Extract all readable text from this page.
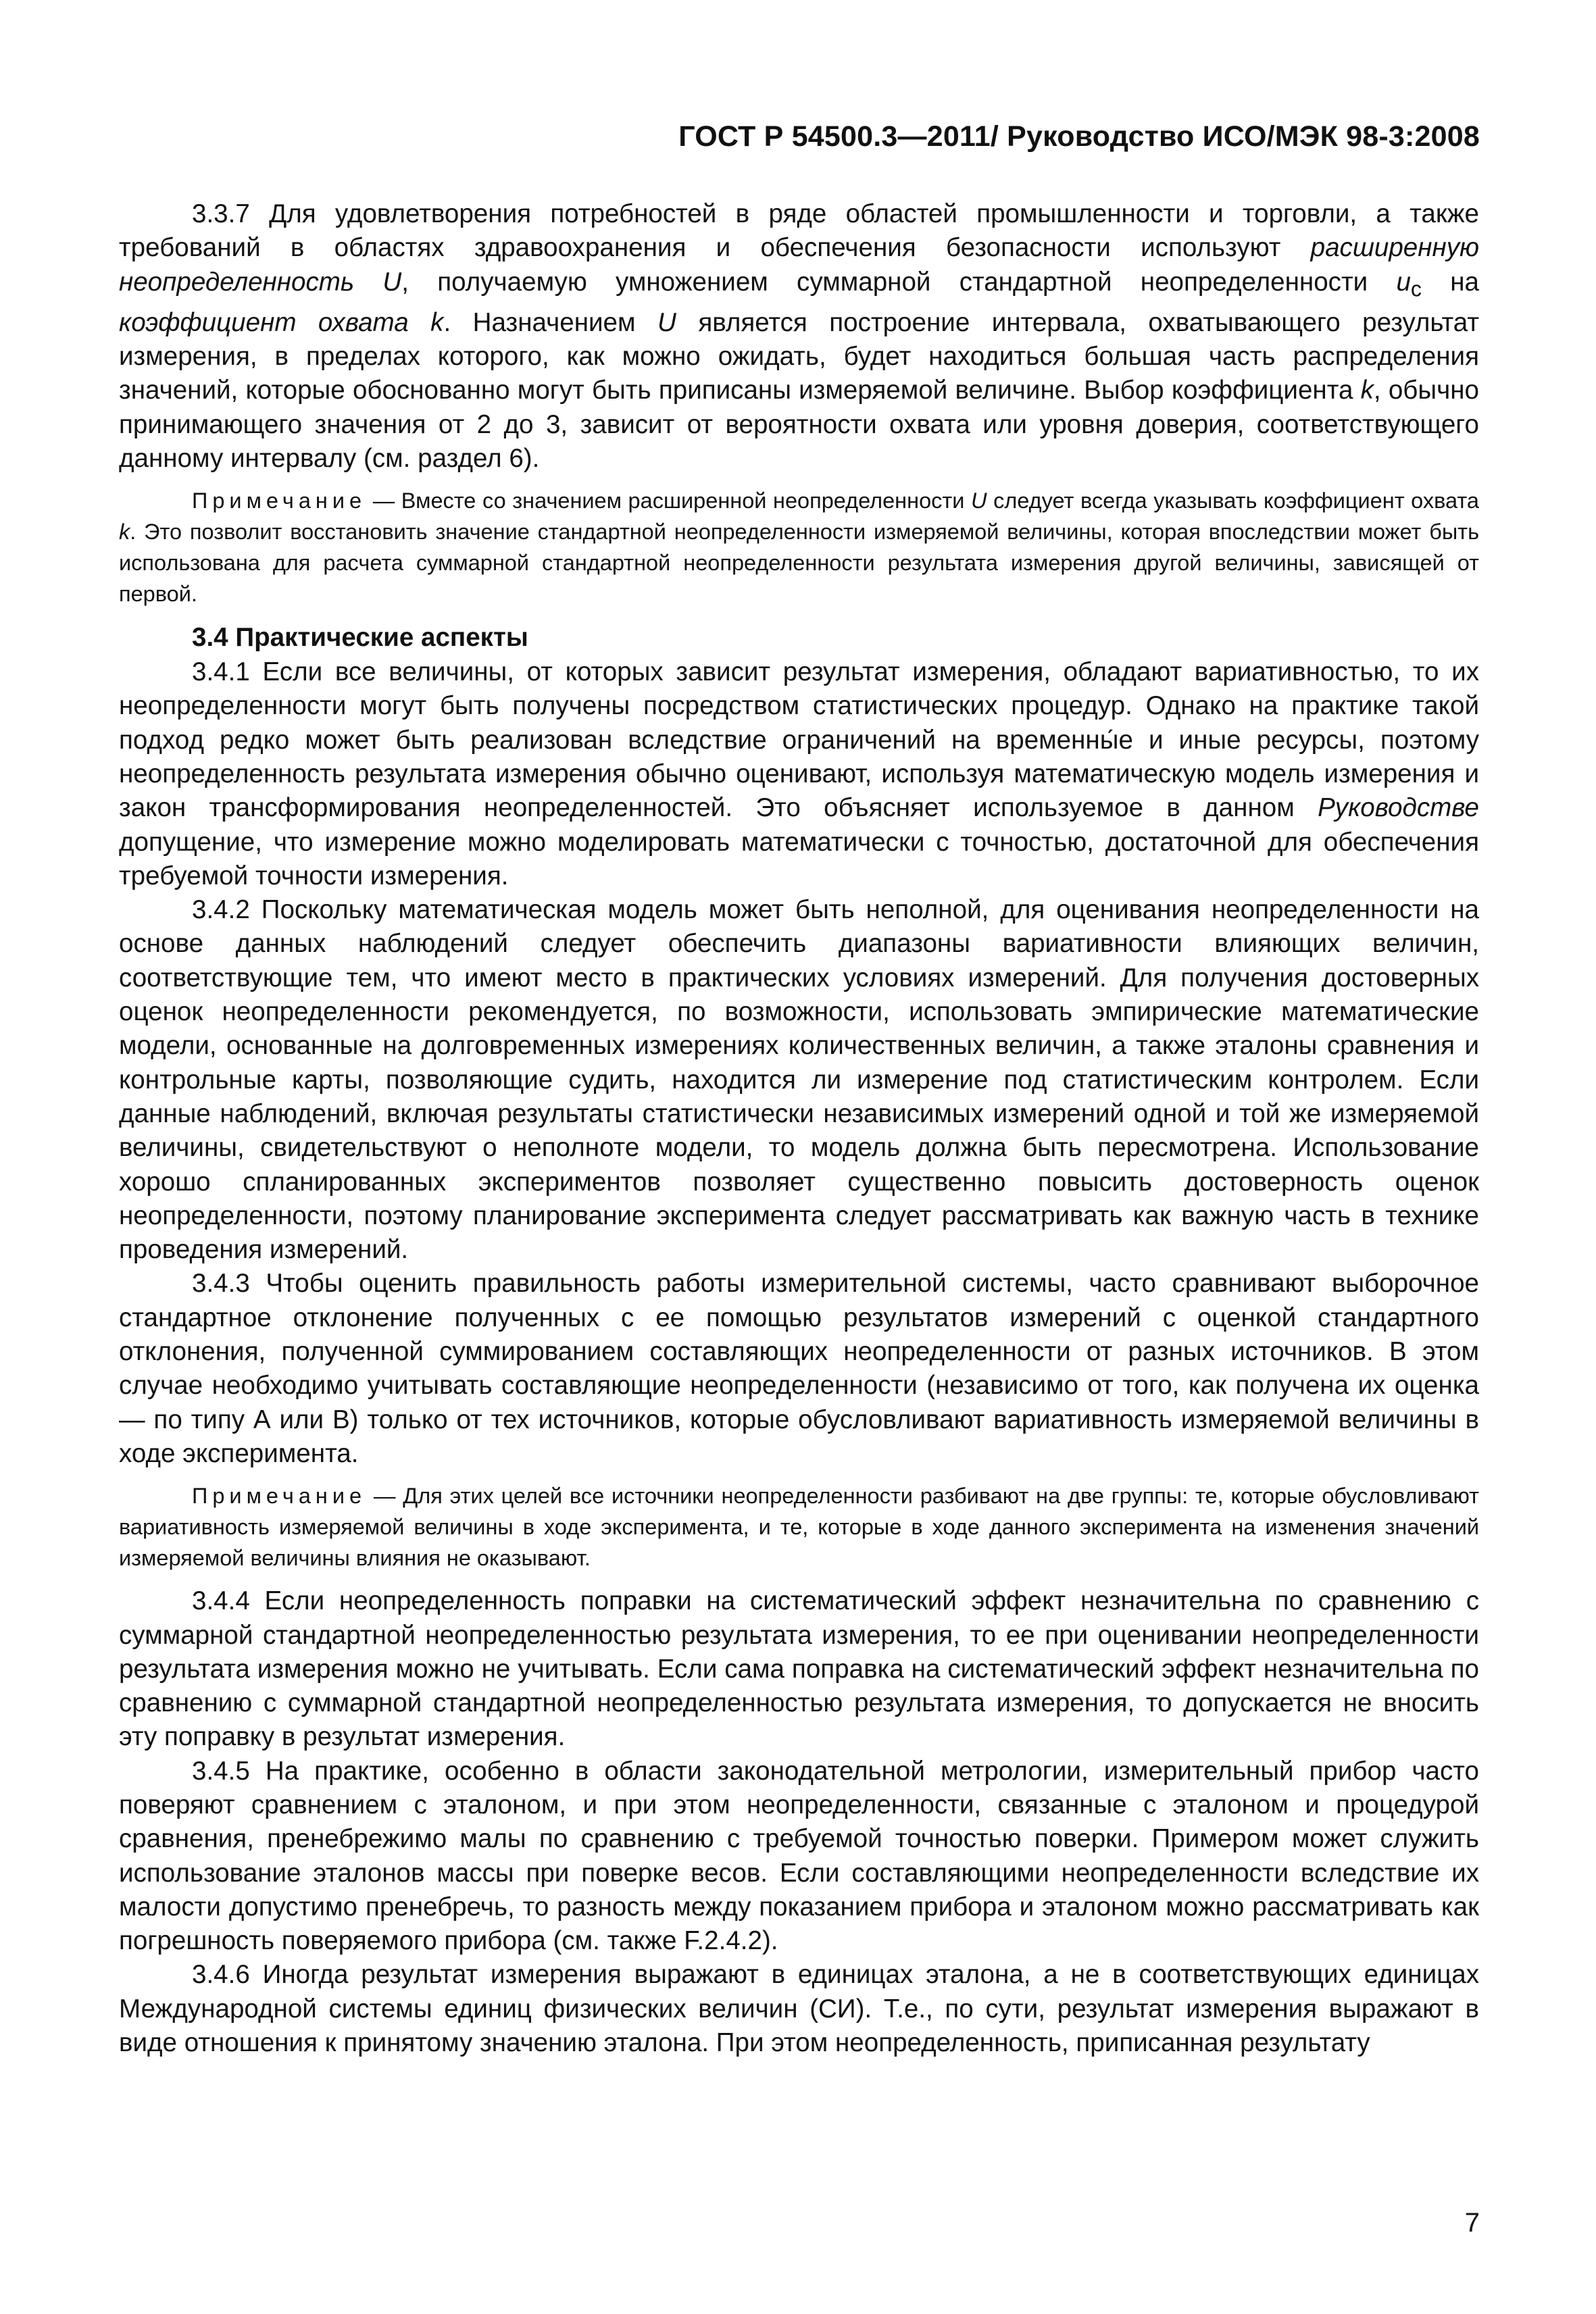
ГОСТ Р 54500.3—2011/ Руководство ИСО/МЭК 98-3:2008

3.3.7 Для удовлетворения потребностей в ряде областей промышленности и торговли, а также требований в областях здравоохранения и обеспечения безопасности используют расширенную неопределенность U, получаемую умножением суммарной стандартной неопределенности $u_c$ на коэффициент охвата k. Назначением U является построение интервала, охватывающего результат измерения, в пределах которого, как можно ожидать, будет находиться большая часть распределения значений, которые обоснованно могут быть приписаны измеряемой величине. Выбор коэффициента k, обычно принимающего значения от 2 до 3, зависит от вероятности охвата или уровня доверия, соответствующего данному интервалу (см. раздел 6).

Примечание — Вместе со значением расширенной неопределенности U следует всегда указывать коэффициент охвата k. Это позволит восстановить значение стандартной неопределенности измеряемой величины, которая впоследствии может быть использована для расчета суммарной стандартной неопределенности результата измерения другой величины, зависящей от первой.

3.4 Практические аспекты

3.4.1 Если все величины, от которых зависит результат измерения, обладают вариативностью, то их неопределенности могут быть получены посредством статистических процедур. Однако на практике такой подход редко может быть реализован вследствие ограничений на временны́е и иные ресурсы, поэтому неопределенность результата измерения обычно оценивают, используя математическую модель измерения и закон трансформирования неопределенностей. Это объясняет используемое в данном Руководстве допущение, что измерение можно моделировать математически с точностью, достаточной для обеспечения требуемой точности измерения.

3.4.2 Поскольку математическая модель может быть неполной, для оценивания неопределенности на основе данных наблюдений следует обеспечить диапазоны вариативности влияющих величин, соответствующие тем, что имеют место в практических условиях измерений. Для получения достоверных оценок неопределенности рекомендуется, по возможности, использовать эмпирические математические модели, основанные на долговременных измерениях количественных величин, а также эталоны сравнения и контрольные карты, позволяющие судить, находится ли измерение под статистическим контролем. Если данные наблюдений, включая результаты статистически независимых измерений одной и той же измеряемой величины, свидетельствуют о неполноте модели, то модель должна быть пересмотрена. Использование хорошо спланированных экспериментов позволяет существенно повысить достоверность оценок неопределенности, поэтому планирование эксперимента следует рассматривать как важную часть в технике проведения измерений.

3.4.3 Чтобы оценить правильность работы измерительной системы, часто сравнивают выборочное стандартное отклонение полученных с ее помощью результатов измерений с оценкой стандартного отклонения, полученной суммированием составляющих неопределенности от разных источников. В этом случае необходимо учитывать составляющие неопределенности (независимо от того, как получена их оценка — по типу А или В) только от тех источников, которые обусловливают вариативность измеряемой величины в ходе эксперимента.

Примечание — Для этих целей все источники неопределенности разбивают на две группы: те, которые обусловливают вариативность измеряемой величины в ходе эксперимента, и те, которые в ходе данного эксперимента на изменения значений измеряемой величины влияния не оказывают.

3.4.4 Если неопределенность поправки на систематический эффект незначительна по сравнению с суммарной стандартной неопределенностью результата измерения, то ее при оценивании неопределенности результата измерения можно не учитывать. Если сама поправка на систематический эффект незначительна по сравнению с суммарной стандартной неопределенностью результата измерения, то допускается не вносить эту поправку в результат измерения.

3.4.5 На практике, особенно в области законодательной метрологии, измерительный прибор часто поверяют сравнением с эталоном, и при этом неопределенности, связанные с эталоном и процедурой сравнения, пренебрежимо малы по сравнению с требуемой точностью поверки. Примером может служить использование эталонов массы при поверке весов. Если составляющими неопределенности вследствие их малости допустимо пренебречь, то разность между показанием прибора и эталоном можно рассматривать как погрешность поверяемого прибора (см. также F.2.4.2).

3.4.6 Иногда результат измерения выражают в единицах эталона, а не в соответствующих единицах Международной системы единиц физических величин (СИ). Т.е., по сути, результат измерения выражают в виде отношения к принятому значению эталона. При этом неопределенность, приписанная результату

7
